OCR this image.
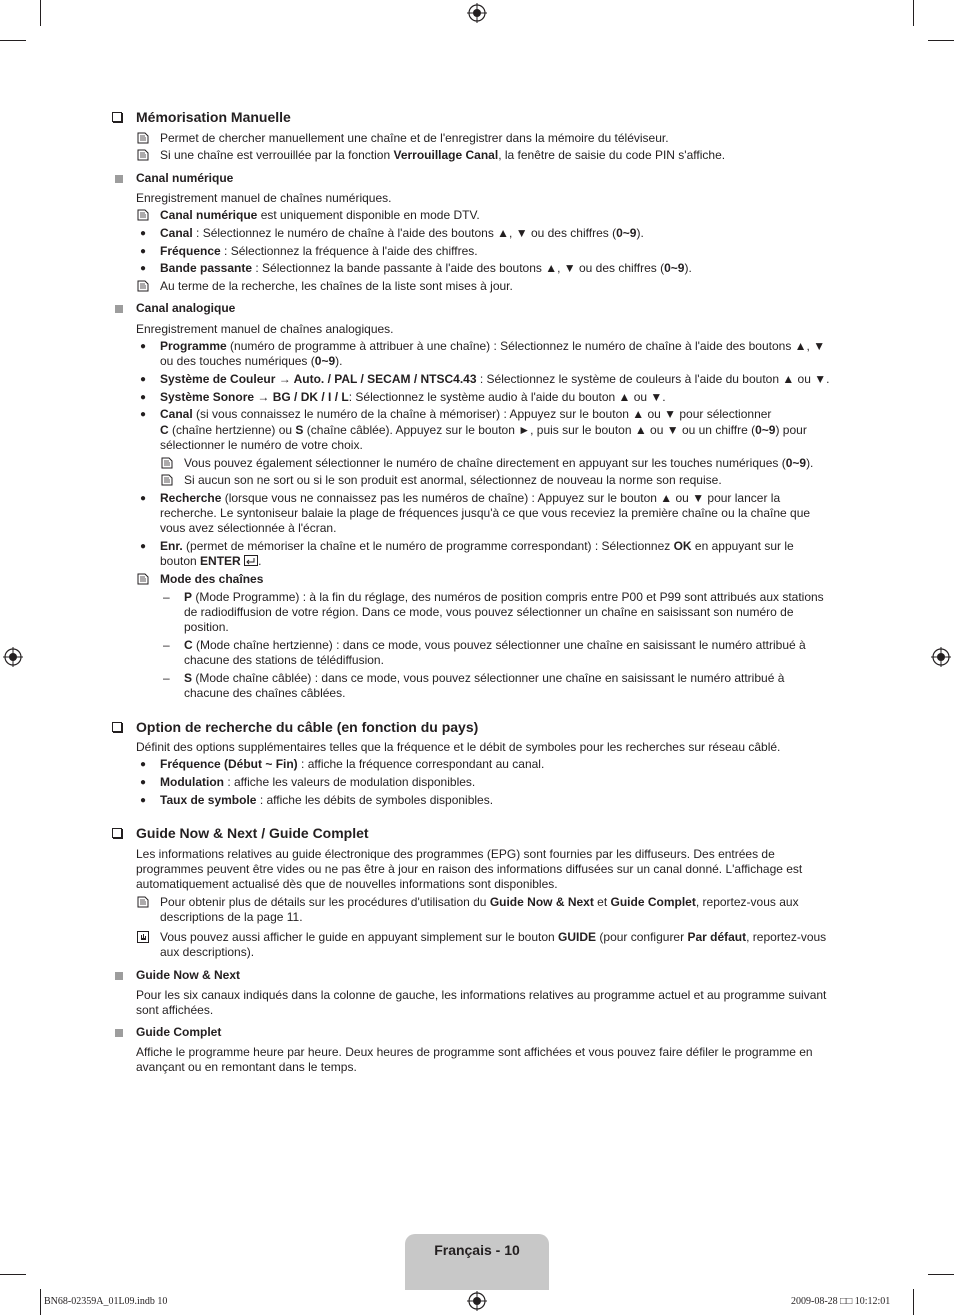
Mémorisation Manuelle
Permet de chercher manuellement une chaîne et de l'enregistrer dans la mémoire du téléviseur.
Si une chaîne est verrouillée par la fonction Verrouillage Canal, la fenêtre de saisie du code PIN s'affiche.
Canal numérique
Enregistrement manuel de chaînes numériques.
Canal numérique est uniquement disponible en mode DTV.
● Canal : Sélectionnez le numéro de chaîne à l'aide des boutons ▲, ▼ ou des chiffres (0~9).
● Fréquence : Sélectionnez la fréquence à l'aide des chiffres.
● Bande passante : Sélectionnez la bande passante à l'aide des boutons ▲, ▼ ou des chiffres (0~9).
Au terme de la recherche, les chaînes de la liste sont mises à jour.
Canal analogique
Enregistrement manuel de chaînes analogiques.
● Programme (numéro de programme à attribuer à une chaîne) : Sélectionnez le numéro de chaîne à l'aide des boutons ▲, ▼
ou des touches numériques (0~9).
● Système de Couleur → Auto. / PAL / SECAM / NTSC4.43 : Sélectionnez le système de couleurs à l'aide du bouton ▲ ou ▼.
● Système Sonore → BG / DK / I / L: Sélectionnez le système audio à l'aide du bouton ▲ ou ▼.
● Canal (si vous connaissez le numéro de la chaîne à mémoriser) : Appuyez sur le bouton ▲ ou ▼ pour sélectionner
C (chaîne hertzienne) ou S (chaîne câblée). Appuyez sur le bouton ►, puis sur le bouton ▲ ou ▼ ou un chiffre (0~9) pour
sélectionner le numéro de votre choix.
Vous pouvez également sélectionner le numéro de chaîne directement en appuyant sur les touches numériques (0~9).
Si aucun son ne sort ou si le son produit est anormal, sélectionnez de nouveau la norme son requise.
● Recherche (lorsque vous ne connaissez pas les numéros de chaîne) : Appuyez sur le bouton ▲ ou ▼ pour lancer la
recherche. Le syntoniseur balaie la plage de fréquences jusqu'à ce que vous receviez la première chaîne ou la chaîne que
vous avez sélectionnée à l'écran.
● Enr. (permet de mémoriser la chaîne et le numéro de programme correspondant) : Sélectionnez OK en appuyant sur le
bouton ENTER .
Mode des chaînes
– P (Mode Programme) : à la fin du réglage, des numéros de position compris entre P00 et P99 sont attribués aux stations
de radiodiffusion de votre région. Dans ce mode, vous pouvez sélectionner un chaîne en saisissant son numéro de
position.
– C (Mode chaîne hertzienne) : dans ce mode, vous pouvez sélectionner une chaîne en saisissant le numéro attribué à
chacune des stations de télédiffusion.
– S (Mode chaîne câblée) : dans ce mode, vous pouvez sélectionner une chaîne en saisissant le numéro attribué à
chacune des chaînes câblées.
Option de recherche du câble (en fonction du pays)
Définit des options supplémentaires telles que la fréquence et le débit de symboles pour les recherches sur réseau câblé.
● Fréquence (Début ~ Fin) : affiche la fréquence correspondant au canal.
● Modulation : affiche les valeurs de modulation disponibles.
● Taux de symbole : affiche les débits de symboles disponibles.
Guide Now & Next / Guide Complet
Les informations relatives au guide électronique des programmes (EPG) sont fournies par les diffuseurs. Des entrées de
programmes peuvent être vides ou ne pas être à jour en raison des informations diffusées sur un canal donné. L'affichage est
automatiquement actualisé dès que de nouvelles informations sont disponibles.
Pour obtenir plus de détails sur les procédures d'utilisation du Guide Now & Next et Guide Complet, reportez-vous aux
descriptions de la page 11.
Vous pouvez aussi afficher le guide en appuyant simplement sur le bouton GUIDE (pour configurer Par défaut, reportez-vous
aux descriptions).
Guide Now & Next
Pour les six canaux indiqués dans la colonne de gauche, les informations relatives au programme actuel et au programme suivant
sont affichées.
Guide Complet
Affiche le programme heure par heure. Deux heures de programme sont affichées et vous pouvez faire défiler le programme en
avançant ou en remontant dans le temps.
Français - 10
BN68-02359A_01L09.indb 10	2009-08-28 □□ 10:12:01
